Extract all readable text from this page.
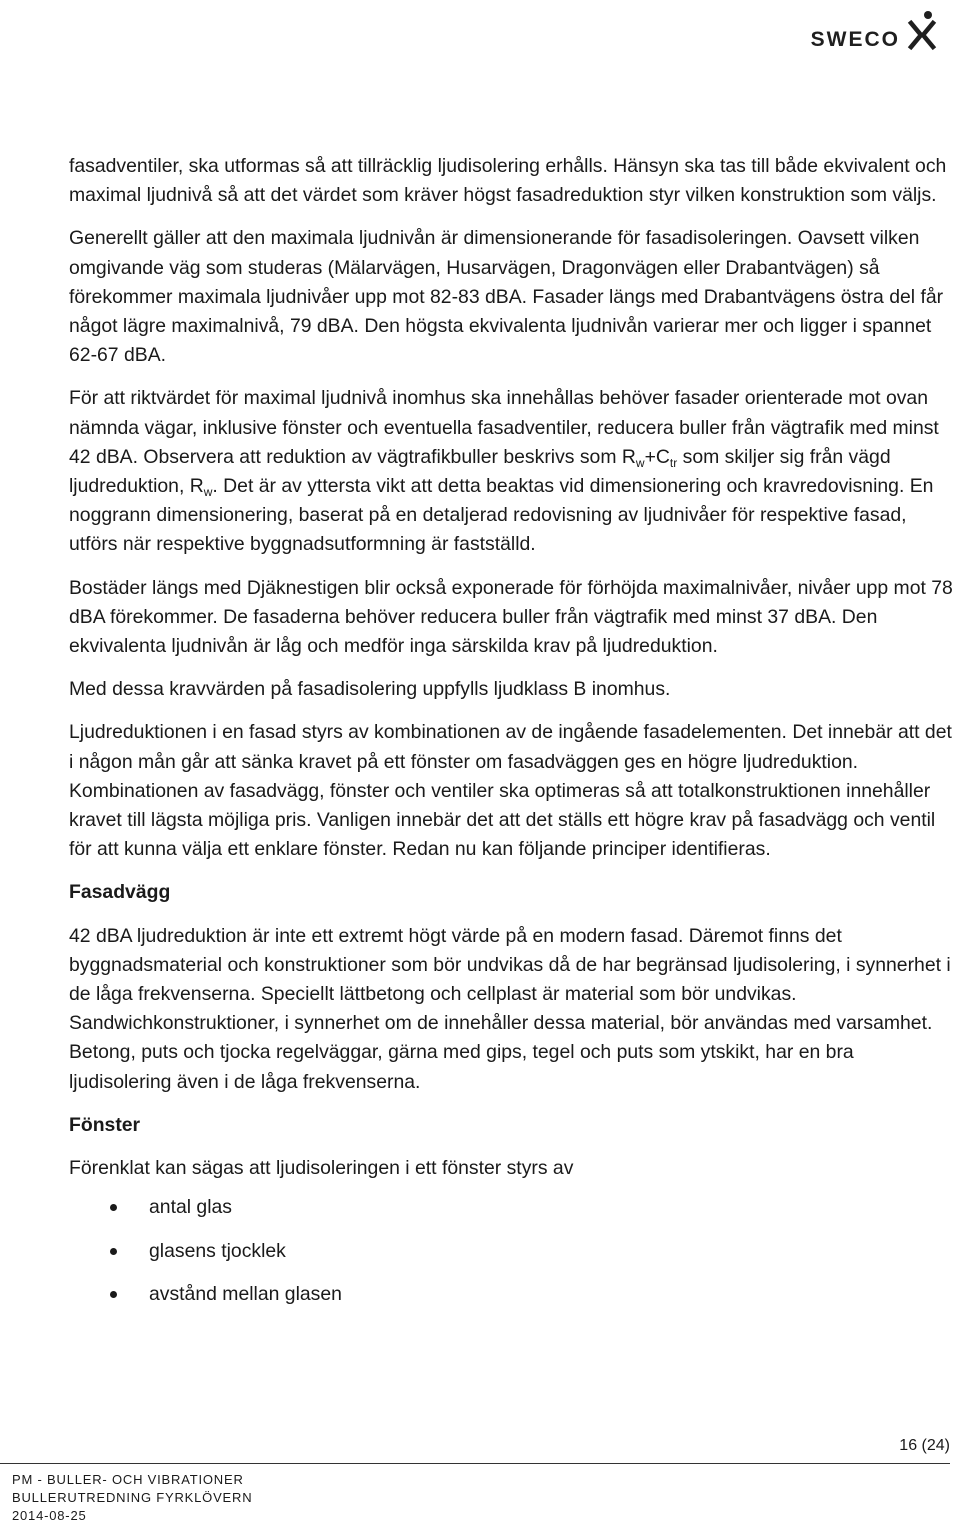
SWECO

fasadventiler, ska utformas så att tillräcklig ljudisolering erhålls. Hänsyn ska tas till både ekvivalent och maximal ljudnivå så att det värdet som kräver högst fasadreduktion styr vilken konstruktion som väljs.

Generellt gäller att den maximala ljudnivån är dimensionerande för fasadisoleringen. Oavsett vilken omgivande väg som studeras (Mälarvägen, Husarvägen, Dragonvägen eller Drabantvägen) så förekommer maximala ljudnivåer upp mot 82-83 dBA. Fasader längs med Drabantvägens östra del får något lägre maximalnivå, 79 dBA. Den högsta ekvivalenta ljudnivån varierar mer och ligger i spannet 62-67 dBA.

För att riktvärdet för maximal ljudnivå inomhus ska innehållas behöver fasader orienterade mot ovan nämnda vägar, inklusive fönster och eventuella fasadventiler, reducera buller från vägtrafik med minst 42 dBA. Observera att reduktion av vägtrafikbuller beskrivs som $R_w+C_{tr}$ som skiljer sig från vägd ljudreduktion, $R_w$. Det är av yttersta vikt att detta beaktas vid dimensionering och kravredovisning. En noggrann dimensionering, baserat på en detaljerad redovisning av ljudnivåer för respektive fasad, utförs när respektive byggnadsutformning är fastställd.

Bostäder längs med Djäknestigen blir också exponerade för förhöjda maximalnivåer, nivåer upp mot 78 dBA förekommer. De fasaderna behöver reducera buller från vägtrafik med minst 37 dBA. Den ekvivalenta ljudnivån är låg och medför inga särskilda krav på ljudreduktion.

Med dessa kravvärden på fasadisolering uppfylls ljudklass B inomhus.

Ljudreduktionen i en fasad styrs av kombinationen av de ingående fasadelementen. Det innebär att det i någon mån går att sänka kravet på ett fönster om fasadväggen ges en högre ljudreduktion. Kombinationen av fasadvägg, fönster och ventiler ska optimeras så att totalkonstruktionen innehåller kravet till lägsta möjliga pris. Vanligen innebär det att det ställs ett högre krav på fasadvägg och ventil för att kunna välja ett enklare fönster. Redan nu kan följande principer identifieras.

Fasadvägg

42 dBA ljudreduktion är inte ett extremt högt värde på en modern fasad. Däremot finns det byggnadsmaterial och konstruktioner som bör undvikas då de har begränsad ljudisolering, i synnerhet i de låga frekvenserna. Speciellt lättbetong och cellplast är material som bör undvikas. Sandwichkonstruktioner, i synnerhet om de innehåller dessa material, bör användas med varsamhet. Betong, puts och tjocka regelväggar, gärna med gips, tegel och puts som ytskikt, har en bra ljudisolering även i de låga frekvenserna.

Fönster

Förenklat kan sägas att ljudisoleringen i ett fönster styrs av

antal glas
glasens tjocklek
avstånd mellan glasen
16 (24)
PM - BULLER- OCH VIBRATIONER
BULLERUTREDNING FYRKLÖVERN
2014-08-25
